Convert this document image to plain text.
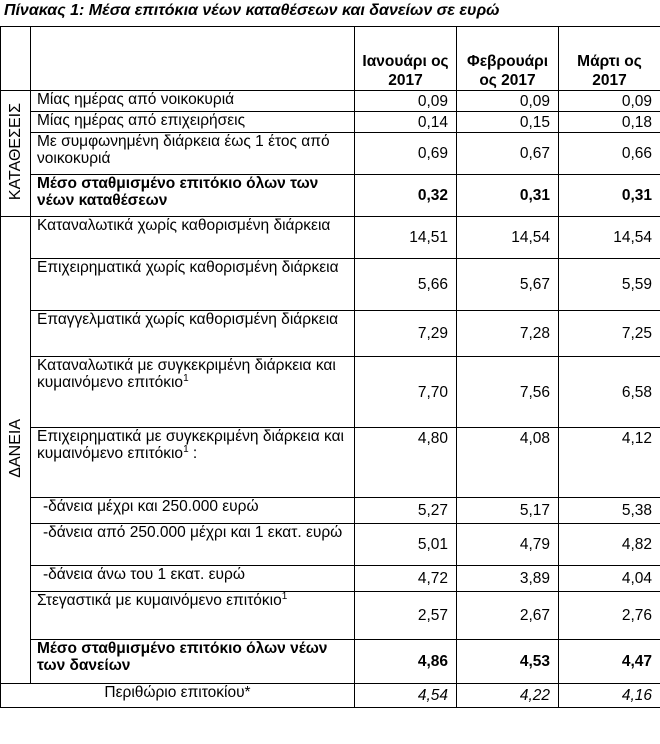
Πίνακας 1: Μέσα επιτόκια νέων καταθέσεων και δανείων σε ευρώ
		Ιανουάρι ος 2017	Φεβρουάρι ος 2017	Μάρτι ος 2017
ΚΑΤΑΘΕΣΕΙΣ	Μίας ημέρας από νοικοκυριά	0,09	0,09	0,09
	Μίας ημέρας από επιχειρήσεις	0,14	0,15	0,18
	Με συμφωνημένη διάρκεια έως 1 έτος από νοικοκυριά	0,69	0,67	0,66
	Μέσο σταθμισμένο επιτόκιο όλων των νέων καταθέσεων	0,32	0,31	0,31
ΔΑΝΕΙΑ	Καταναλωτικά χωρίς καθορισμένη διάρκεια	14,51	14,54	14,54
	Επιχειρηματικά χωρίς καθορισμένη διάρκεια	5,66	5,67	5,59
	Επαγγελματικά χωρίς καθορισμένη διάρκεια	7,29	7,28	7,25
	Καταναλωτικά με συγκεκριμένη διάρκεια και κυμαινόμενο επιτόκιο$^1$	7,70	7,56	6,58
	Επιχειρηματικά με συγκεκριμένη διάρκεια και κυμαινόμενο επιτόκιο$^1$ :	4,80	4,08	4,12
	-δάνεια μέχρι και 250.000 ευρώ	5,27	5,17	5,38
	-δάνεια από 250.000 μέχρι και 1 εκατ. ευρώ	5,01	4,79	4,82
	-δάνεια άνω του 1 εκατ. ευρώ	4,72	3,89	4,04
	Στεγαστικά με κυμαινόμενο επιτόκιο$^1$	2,57	2,67	2,76
	Μέσο σταθμισμένο επιτόκιο όλων νέων των δανείων	4,86	4,53	4,47
Περιθώριο επιτοκίου*		4,54	4,22	4,16
